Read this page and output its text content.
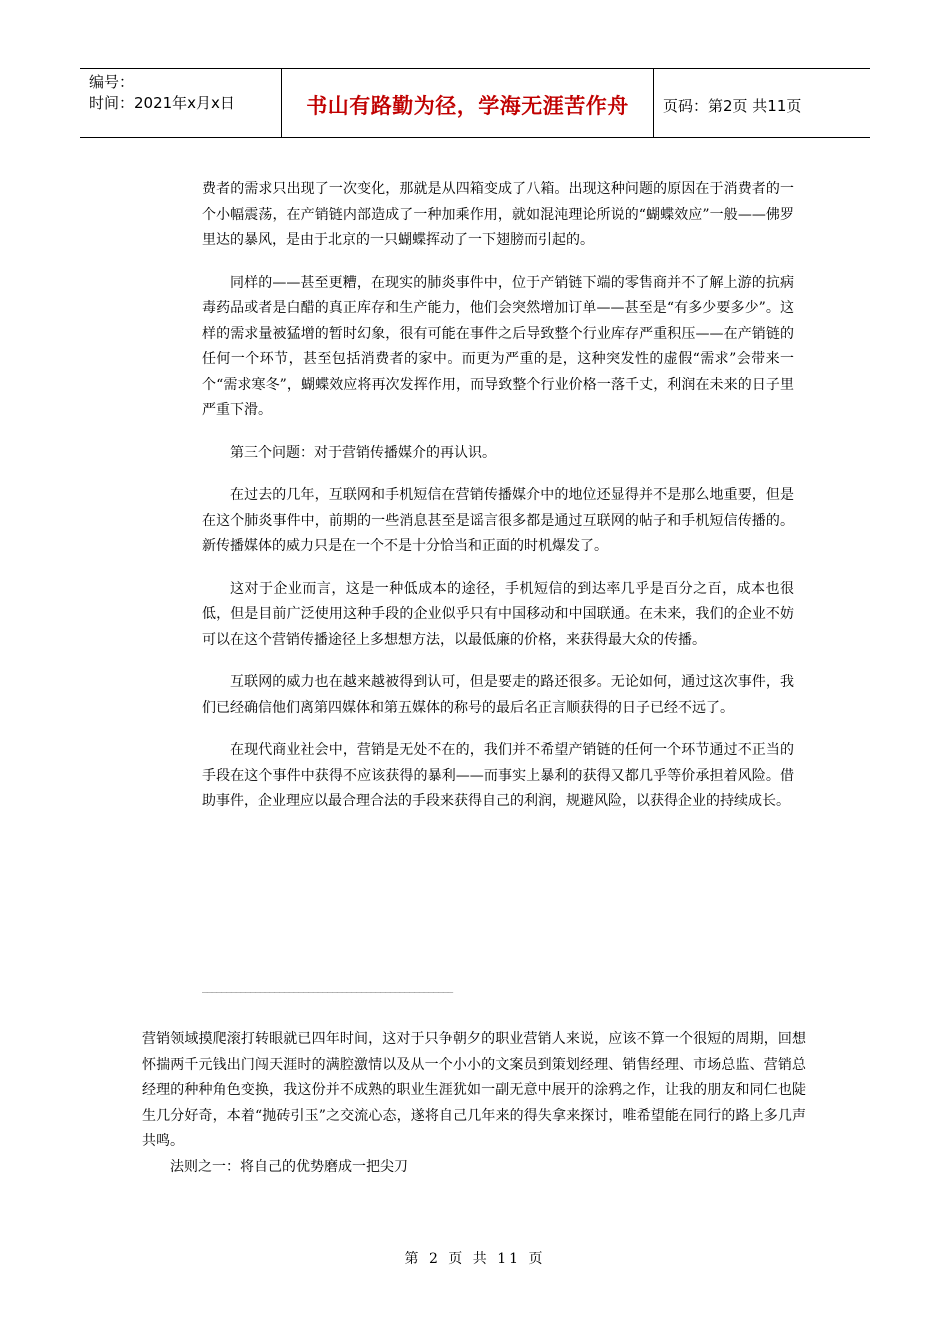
编号：
时间：2021年x月x日	书山有路勤为径，学海无涯苦作舟	页码：第2页 共11页

费者的需求只出现了一次变化，那就是从四箱变成了八箱。出现这种问题的原因在于消费者的一个小幅震荡，在产销链内部造成了一种加乘作用，就如混沌理论所说的“蝴蝶效应”一般——佛罗里达的暴风，是由于北京的一只蝴蝶挥动了一下翅膀而引起的。

同样的——甚至更糟，在现实的肺炎事件中，位于产销链下端的零售商并不了解上游的抗病毒药品或者是白醋的真正库存和生产能力，他们会突然增加订单——甚至是“有多少要多少”。这样的需求量被猛增的暂时幻象，很有可能在事件之后导致整个行业库存严重积压——在产销链的任何一个环节，甚至包括消费者的家中。而更为严重的是，这种突发性的虚假“需求”会带来一个“需求寒冬”，蝴蝶效应将再次发挥作用，而导致整个行业价格一落千丈，利润在未来的日子里严重下滑。

第三个问题：对于营销传播媒介的再认识。

在过去的几年，互联网和手机短信在营销传播媒介中的地位还显得并不是那么地重要，但是在这个肺炎事件中，前期的一些消息甚至是谣言很多都是通过互联网的帖子和手机短信传播的。新传播媒体的威力只是在一个不是十分恰当和正面的时机爆发了。

这对于企业而言，这是一种低成本的途径，手机短信的到达率几乎是百分之百，成本也很低，但是目前广泛使用这种手段的企业似乎只有中国移动和中国联通。在未来，我们的企业不妨可以在这个营销传播途径上多想想方法，以最低廉的价格，来获得最大众的传播。

互联网的威力也在越来越被得到认可，但是要走的路还很多。无论如何，通过这次事件，我们已经确信他们离第四媒体和第五媒体的称号的最后名正言顺获得的日子已经不远了。

在现代商业社会中，营销是无处不在的，我们并不希望产销链的任何一个环节通过不正当的手段在这个事件中获得不应该获得的暴利——而事实上暴利的获得又都几乎等价承担着风险。借助事件，企业理应以最合理合法的手段来获得自己的利润，规避风险，以获得企业的持续成长。

____________________________________________________

营销领域摸爬滚打转眼就已四年时间，这对于只争朝夕的职业营销人来说，应该不算一个很短的周期，回想怀揣两千元钱出门闯天涯时的满腔激情以及从一个小小的文案员到策划经理、销售经理、市场总监、营销总经理的种种角色变换，我这份并不成熟的职业生涯犹如一副无意中展开的涂鸦之作，让我的朋友和同仁也陡生几分好奇，本着“抛砖引玉”之交流心态，遂将自己几年来的得失拿来探讨，唯希望能在同行的路上多几声共鸣。

法则之一：将自己的优势磨成一把尖刀

第 2 页 共 11 页
